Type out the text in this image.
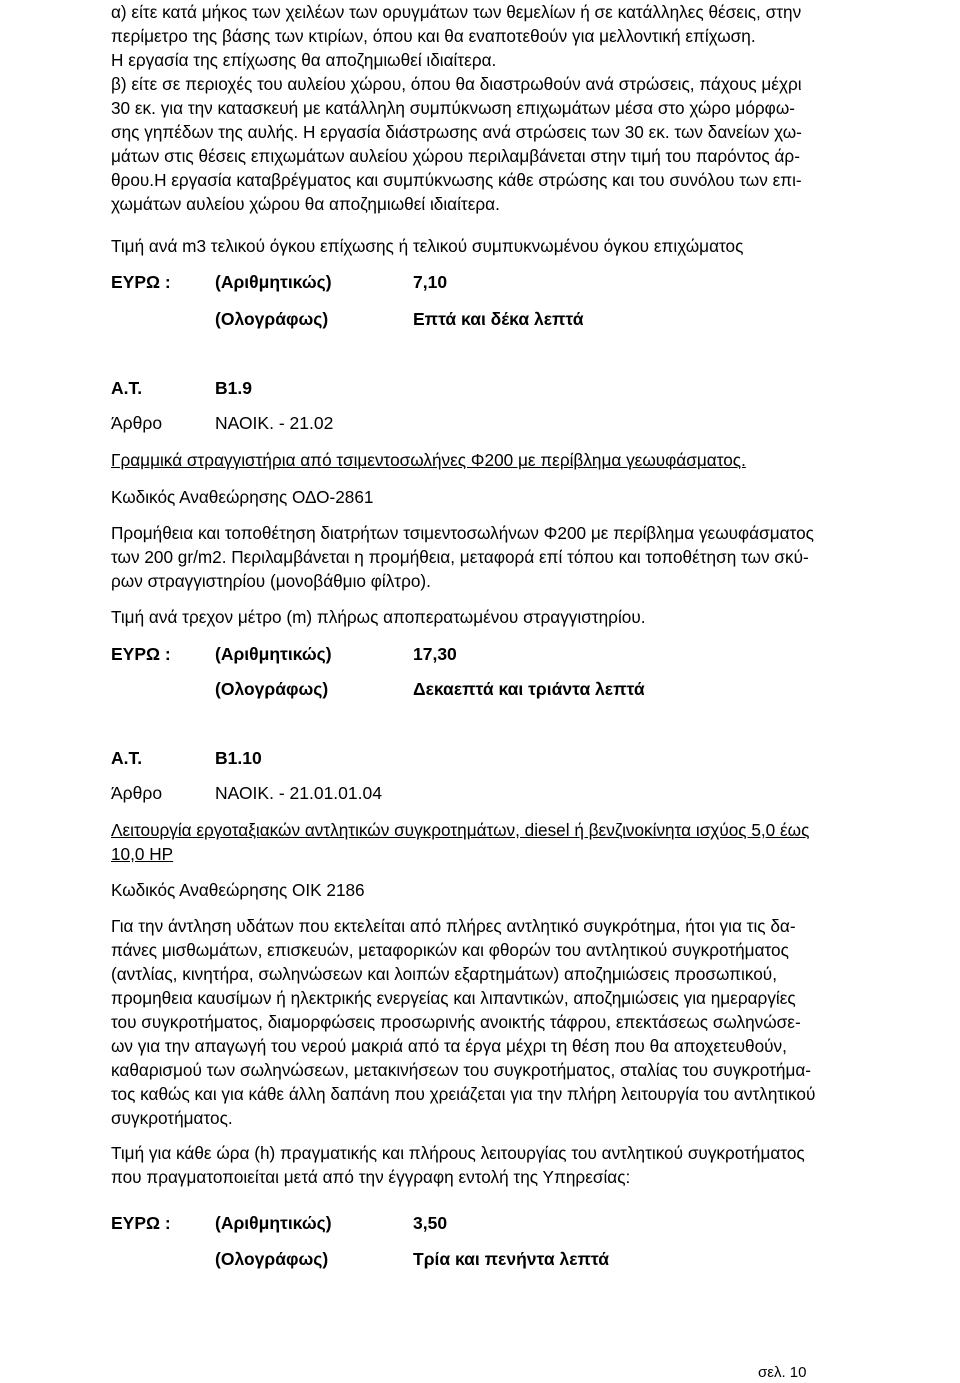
α) είτε κατά μήκος των χειλέων των ορυγμάτων των θεμελίων ή σε κατάλληλες θέσεις, στην
περίμετρο της βάσης των κτιρίων, όπου και θα εναποτεθούν για μελλοντική επίχωση.
Η εργασία της επίχωσης θα αποζημιωθεί ιδιαίτερα.
β) είτε σε περιοχές του αυλείου χώρου, όπου θα διαστρωθούν ανά στρώσεις, πάχους μέχρι
30 εκ. για την κατασκευή με κατάλληλη συμπύκνωση επιχωμάτων μέσα στο χώρο μόρφω-
σης γηπέδων της αυλής. Η εργασία διάστρωσης ανά στρώσεις των 30 εκ. των δανείων χω-
μάτων στις θέσεις επιχωμάτων αυλείου χώρου περιλαμβάνεται στην τιμή του παρόντος άρ-
θρου.Η εργασία καταβρέγματος και συμπύκνωσης κάθε στρώσης και του συνόλου των επι-
χωμάτων αυλείου χώρου θα αποζημιωθεί ιδιαίτερα.
Τιμή ανά m3 τελικού όγκου επίχωσης ή τελικού συμπυκνωμένου όγκου επιχώματος
ΕΥΡΩ :	(Αριθμητικώς)	7,10
(Ολογράφως)	Επτά και δέκα λεπτά
Α.Τ.	Β1.9
Άρθρο	ΝΑΟΙΚ. - 21.02
Γραμμικά στραγγιστήρια από τσιμεντοσωλήνες Φ200 με περίβλημα γεωυφάσματος.
Κωδικός Αναθεώρησης ΟΔΟ-2861
Προμήθεια και τοποθέτηση διατρήτων τσιμεντοσωλήνων Φ200 με περίβλημα γεωυφάσματος
των 200 gr/m2. Περιλαμβάνεται η προμήθεια, μεταφορά επί τόπου και τοποθέτηση των σκύ-
ρων στραγγιστηρίου (μονοβάθμιο φίλτρο).
Τιμή ανά τρεχον μέτρο (m) πλήρως αποπερατωμένου στραγγιστηρίου.
ΕΥΡΩ :	(Αριθμητικώς)	17,30
(Ολογράφως)	Δεκαεπτά και τριάντα λεπτά
Α.Τ.	Β1.10
Άρθρο	ΝΑΟΙΚ. - 21.01.01.04
Λειτουργία εργοταξιακών αντλητικών συγκροτημάτων, diesel ή βενζινοκίνητα ισχύος 5,0 έως
10,0 HP
Κωδικός Αναθεώρησης ΟΙΚ 2186
Για την άντληση υδάτων που εκτελείται από πλήρες αντλητικό συγκρότημα, ήτοι για τις δα-
πάνες μισθωμάτων, επισκευών, μεταφορικών και φθορών του αντλητικού συγκροτήματος
(αντλίας, κινητήρα, σωληνώσεων και λοιπών εξαρτημάτων) αποζημιώσεις προσωπικού,
προμηθεια καυσίμων ή ηλεκτρικής ενεργείας και λιπαντικών, αποζημιώσεις για ημεραργίες
του συγκροτήματος, διαμορφώσεις προσωρινής ανοικτής τάφρου, επεκτάσεως σωληνώσε-
ων για την απαγωγή του νερού μακριά από τα έργα μέχρι τη θέση που θα αποχετευθούν,
καθαρισμού των σωληνώσεων, μετακινήσεων του συγκροτήματος, σταλίας του συγκροτήμα-
τος καθώς και για κάθε άλλη δαπάνη που χρειάζεται για την πλήρη λειτουργία του αντλητικού
συγκροτήματος.
Τιμή για κάθε ώρα (h) πραγματικής και πλήρους λειτουργίας του αντλητικού συγκροτήματος
που πραγματοποιείται μετά από την έγγραφη εντολή της Υπηρεσίας:
ΕΥΡΩ :	(Αριθμητικώς)	3,50
(Ολογράφως)	Τρία και πενήντα λεπτά
σελ. 10
